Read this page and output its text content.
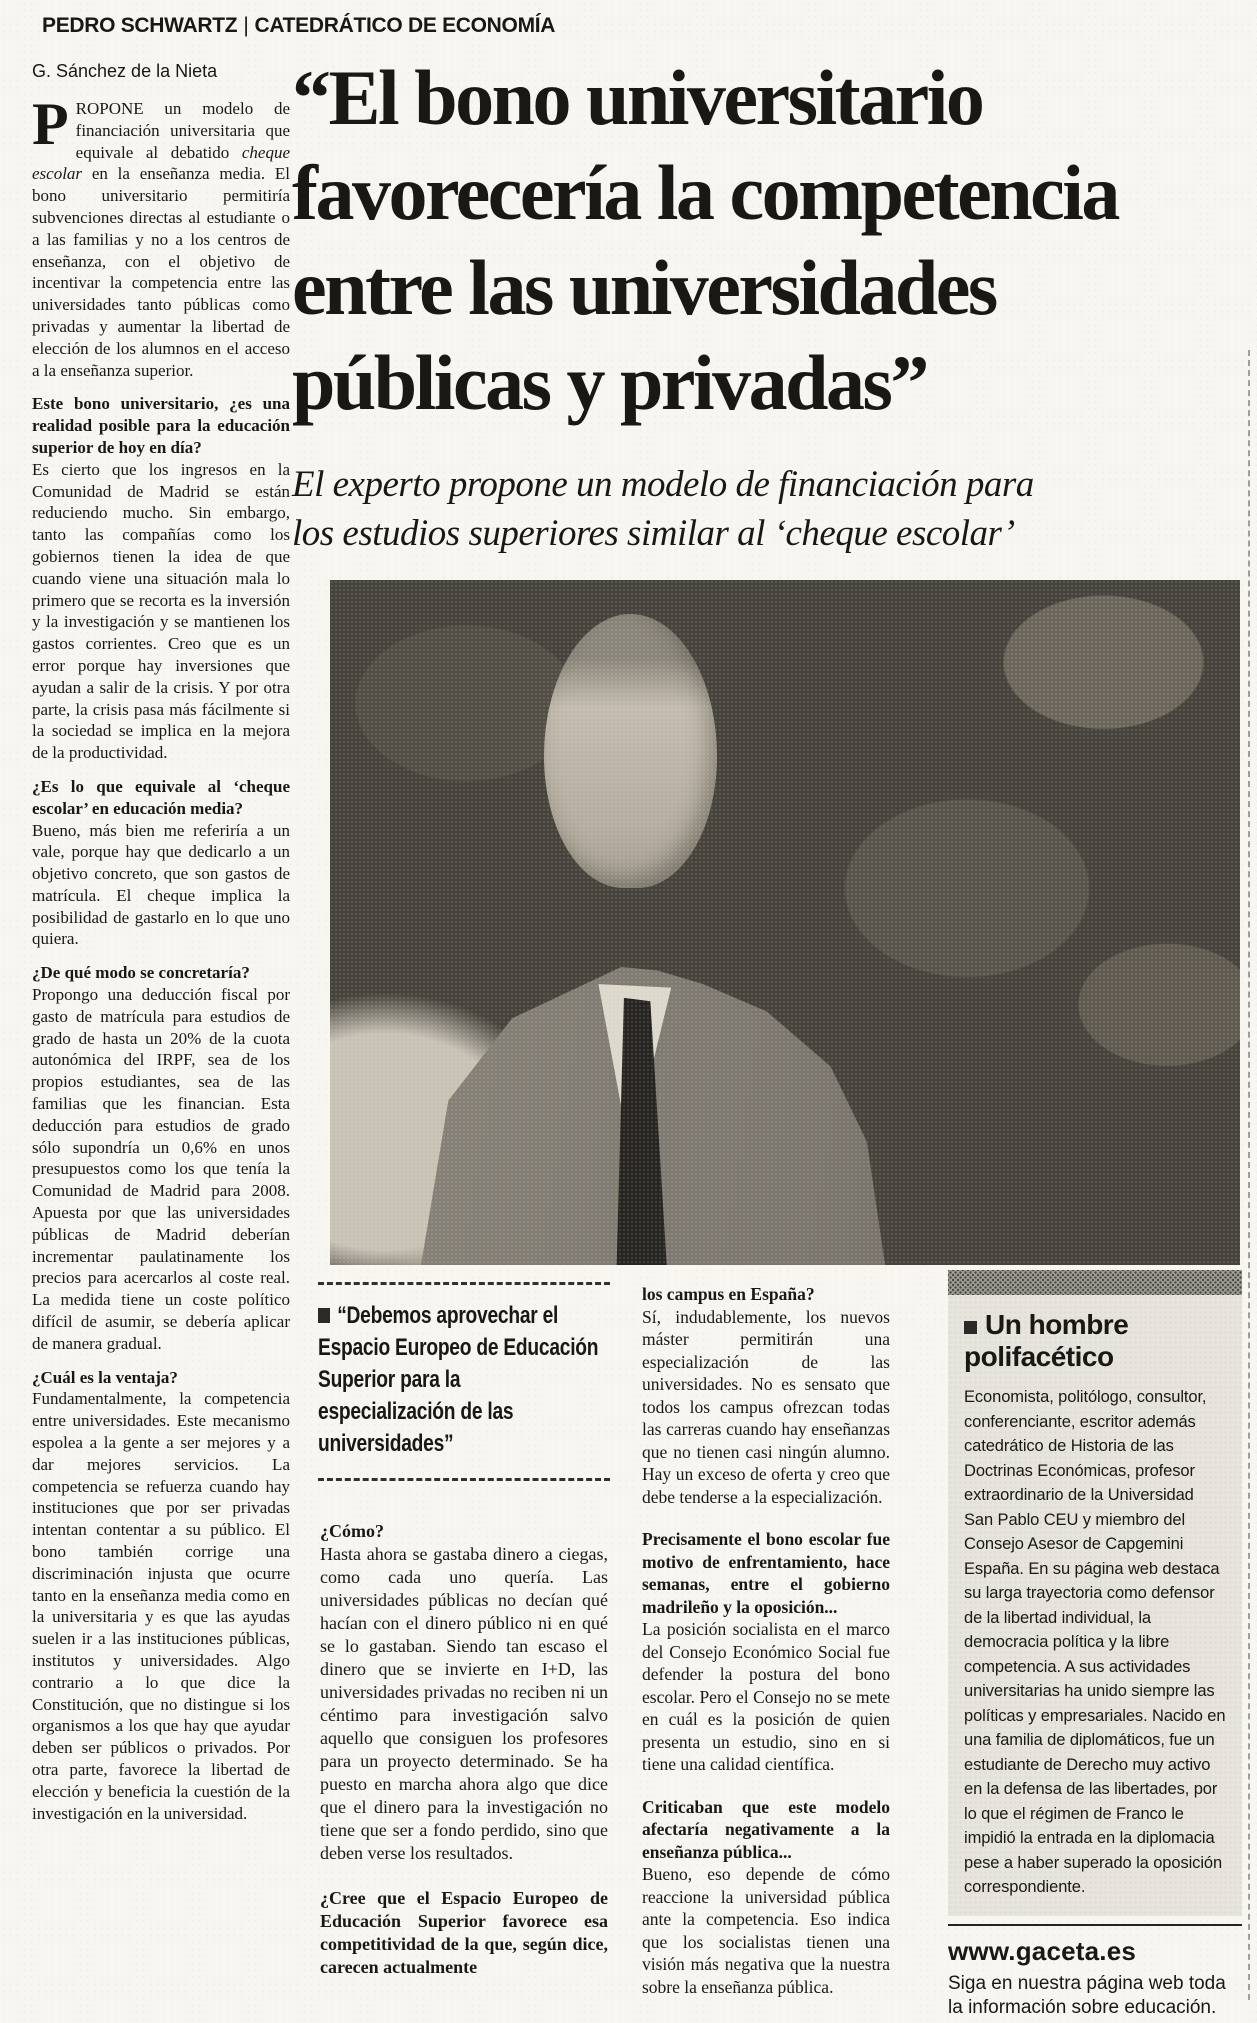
PEDRO SCHWARTZ | CATEDRÁTICO DE ECONOMÍA
“El bono universitario
favorecería la competencia
entre las universidades
públicas y privadas”
El experto propone un modelo de financiación para
los estudios superiores similar al ‘cheque escolar’

G. Sánchez de la Nieta

PROPONE un modelo de financiación universitaria que equivale al debatido cheque escolar en la enseñanza media. El bono universitario permitiría subvenciones directas al estudiante o a las familias y no a los centros de enseñanza, con el objetivo de incentivar la competencia entre las universidades tanto públicas como privadas y aumentar la libertad de elección de los alumnos en el acceso a la enseñanza superior.

Este bono universitario, ¿es una realidad posible para la educación superior de hoy en día?

Es cierto que los ingresos en la Comunidad de Madrid se están reduciendo mucho. Sin embargo, tanto las compañías como los gobiernos tienen la idea de que cuando viene una situación mala lo primero que se recorta es la inversión y la investigación y se mantienen los gastos corrientes. Creo que es un error porque hay inversiones que ayudan a salir de la crisis. Y por otra parte, la crisis pasa más fácilmente si la sociedad se implica en la mejora de la productividad.

¿Es lo que equivale al ‘cheque escolar’ en educación media?

Bueno, más bien me referiría a un vale, porque hay que dedicarlo a un objetivo concreto, que son gastos de matrícula. El cheque implica la posibilidad de gastarlo en lo que uno quiera.

¿De qué modo se concretaría?

Propongo una deducción fiscal por gasto de matrícula para estudios de grado de hasta un 20% de la cuota autonómica del IRPF, sea de los propios estudiantes, sea de las familias que les financian. Esta deducción para estudios de grado sólo supondría un 0,6% en unos presupuestos como los que tenía la Comunidad de Madrid para 2008. Apuesta por que las universidades públicas de Madrid deberían incrementar paulatinamente los precios para acercarlos al coste real. La medida tiene un coste político difícil de asumir, se debería aplicar de manera gradual.

¿Cuál es la ventaja?

Fundamentalmente, la competencia entre universidades. Este mecanismo espolea a la gente a ser mejores y a dar mejores servicios. La competencia se refuerza cuando hay instituciones que por ser privadas intentan contentar a su público. El bono también corrige una discriminación injusta que ocurre tanto en la enseñanza media como en la universitaria y es que las ayudas suelen ir a las instituciones públicas, institutos y universidades. Algo contrario a lo que dice la Constitución, que no distingue si los organismos a los que hay que ayudar deben ser públicos o privados. Por otra parte, favorece la libertad de elección y beneficia la cuestión de la investigación en la universidad.

“Debemos aprovechar el
Espacio Europeo de Educación
Superior para la
especialización de las
universidades”

¿Cómo?

Hasta ahora se gastaba dinero a ciegas, como cada uno quería. Las universidades públicas no decían qué hacían con el dinero público ni en qué se lo gastaban. Siendo tan escaso el dinero que se invierte en I+D, las universidades privadas no reciben ni un céntimo para investigación salvo aquello que consiguen los profesores para un proyecto determinado. Se ha puesto en marcha ahora algo que dice que el dinero para la investigación no tiene que ser a fondo perdido, sino que deben verse los resultados.

¿Cree que el Espacio Europeo de Educación Superior favorece esa competitividad de la que, según dice, carecen actualmente

los campus en España?

Sí, indudablemente, los nuevos máster permitirán una especialización de las universidades. No es sensato que todos los campus ofrezcan todas las carreras cuando hay enseñanzas que no tienen casi ningún alumno. Hay un exceso de oferta y creo que debe tenderse a la especialización.

Precisamente el bono escolar fue motivo de enfrentamiento, hace semanas, entre el gobierno madrileño y la oposición...

La posición socialista en el marco del Consejo Económico Social fue defender la postura del bono escolar. Pero el Consejo no se mete en cuál es la posición de quien presenta un estudio, sino en si tiene una calidad científica.

Criticaban que este modelo afectaría negativamente a la enseñanza pública...

Bueno, eso depende de cómo reaccione la universidad pública ante la competencia. Eso indica que los socialistas tienen una visión más negativa que la nuestra sobre la enseñanza pública.

Un hombre polifacético

Economista, politólogo, consultor, conferenciante, escritor además catedrático de Historia de las Doctrinas Económicas, profesor extraordinario de la Universidad San Pablo CEU y miembro del Consejo Asesor de Capgemini España. En su página web destaca su larga trayectoria como defensor de la libertad individual, la democracia política y la libre competencia. A sus actividades universitarias ha unido siempre las políticas y empresariales. Nacido en una familia de diplomáticos, fue un estudiante de Derecho muy activo en la defensa de las libertades, por lo que el régimen de Franco le impidió la entrada en la diplomacia pese a haber superado la oposición correspondiente.

www.gaceta.es

Siga en nuestra página web toda la información sobre educación.
